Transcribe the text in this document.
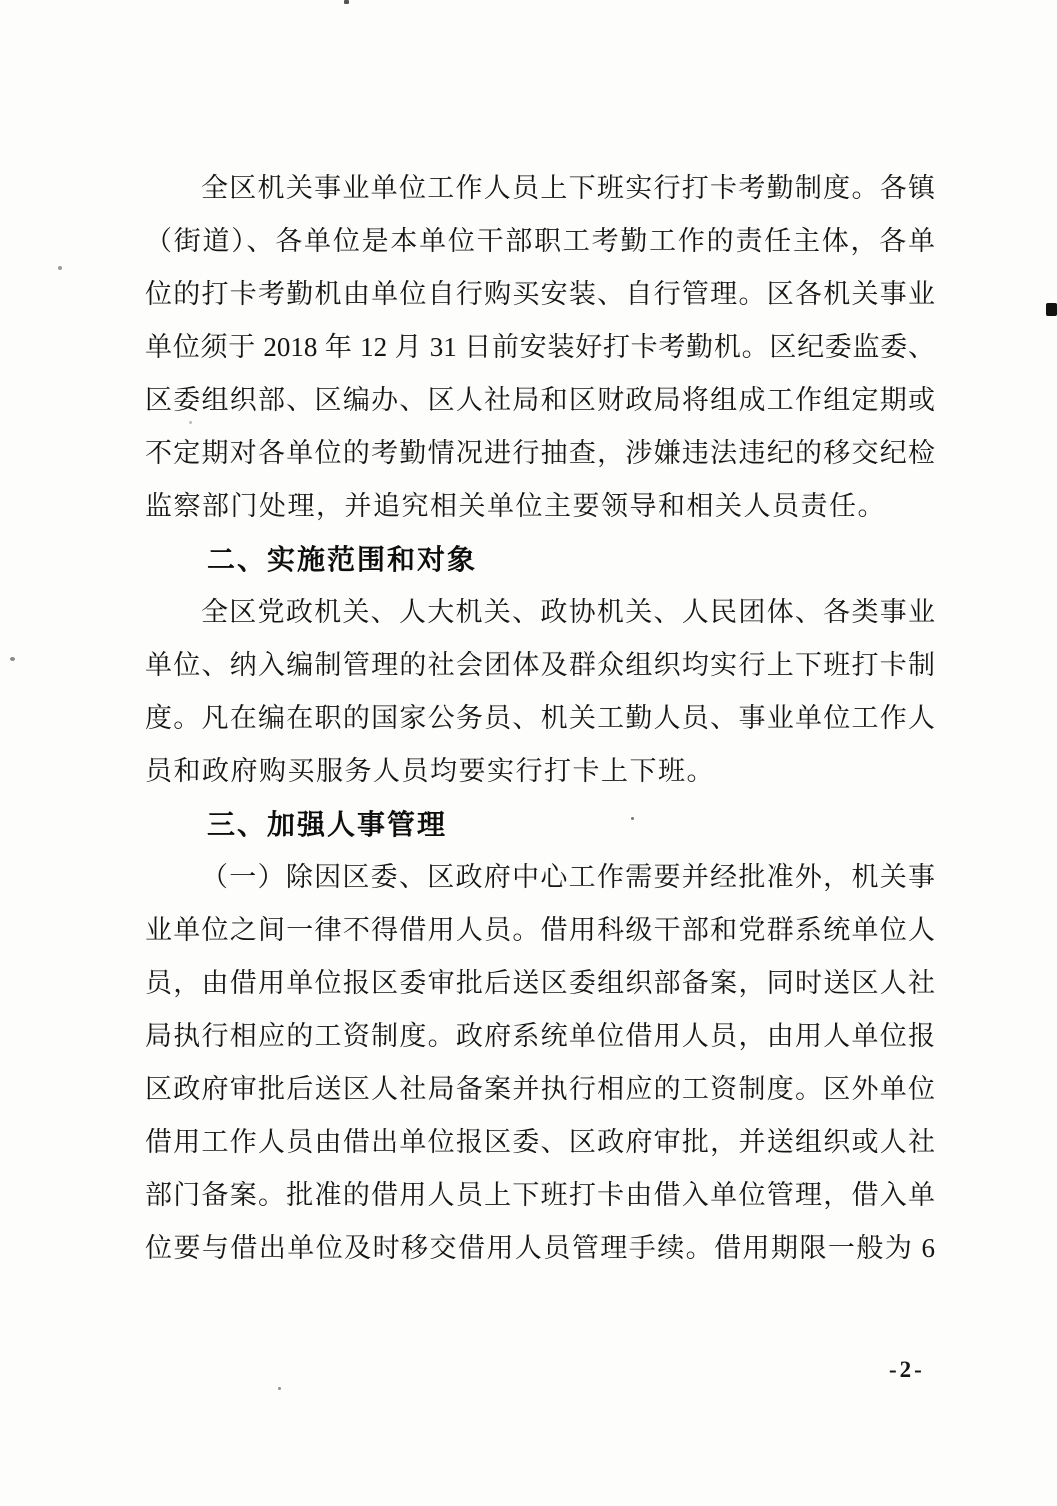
全区机关事业单位工作人员上下班实行打卡考勤制度。各镇
（街道）、各单位是本单位干部职工考勤工作的责任主体，各单
位的打卡考勤机由单位自行购买安装、自行管理。区各机关事业
单位须于 2018 年 12 月 31 日前安装好打卡考勤机。区纪委监委、
区委组织部、区编办、区人社局和区财政局将组成工作组定期或
不定期对各单位的考勤情况进行抽查，涉嫌违法违纪的移交纪检
监察部门处理，并追究相关单位主要领导和相关人员责任。
二、实施范围和对象
全区党政机关、人大机关、政协机关、人民团体、各类事业
单位、纳入编制管理的社会团体及群众组织均实行上下班打卡制
度。凡在编在职的国家公务员、机关工勤人员、事业单位工作人
员和政府购买服务人员均要实行打卡上下班。
三、加强人事管理
（一）除因区委、区政府中心工作需要并经批准外，机关事
业单位之间一律不得借用人员。借用科级干部和党群系统单位人
员，由借用单位报区委审批后送区委组织部备案，同时送区人社
局执行相应的工资制度。政府系统单位借用人员，由用人单位报
区政府审批后送区人社局备案并执行相应的工资制度。区外单位
借用工作人员由借出单位报区委、区政府审批，并送组织或人社
部门备案。批准的借用人员上下班打卡由借入单位管理，借入单
位要与借出单位及时移交借用人员管理手续。借用期限一般为 6
-2-
